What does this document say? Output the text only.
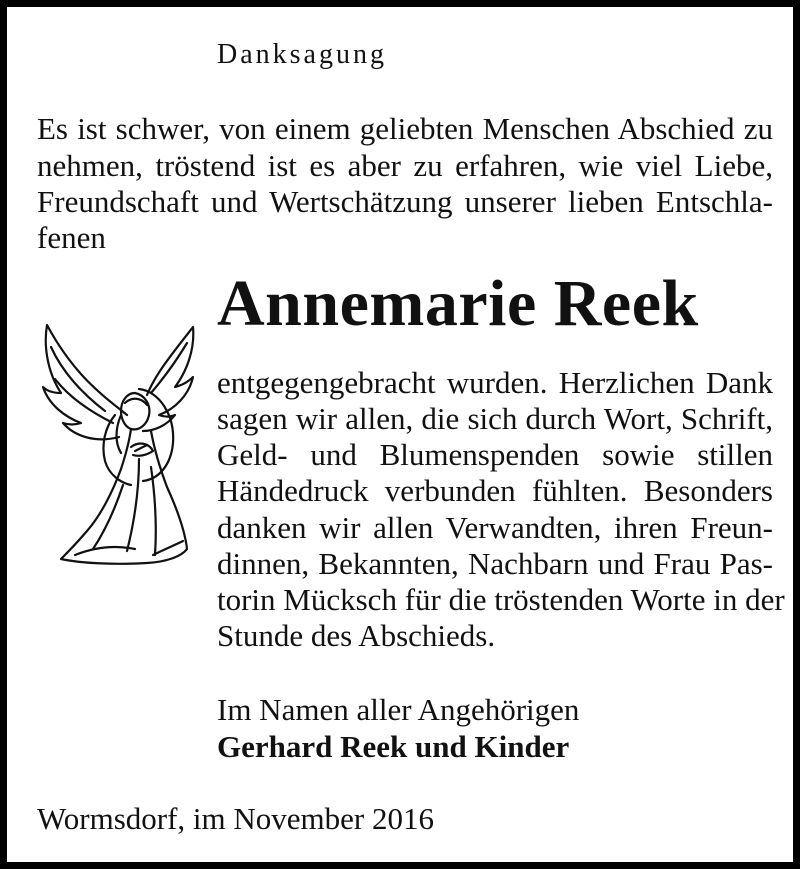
Danksagung
Es ist schwer, von einem geliebten Menschen Abschied zu
nehmen, tröstend ist es aber zu erfahren, wie viel Liebe,
Freundschaft und Wertschätzung unserer lieben Entschla-
fenen
Annemarie Reek
entgegengebracht wurden. Herzlichen Dank
sagen wir allen, die sich durch Wort, Schrift,
Geld- und Blumenspenden sowie stillen
Händedruck verbunden fühlten. Besonders
danken wir allen Verwandten, ihren Freun-
dinnen, Bekannten, Nachbarn und Frau Pas-
torin Mücksch für die tröstenden Worte in der
Stunde des Abschieds.
Im Namen aller Angehörigen
Gerhard Reek und Kinder
Wormsdorf, im November 2016
